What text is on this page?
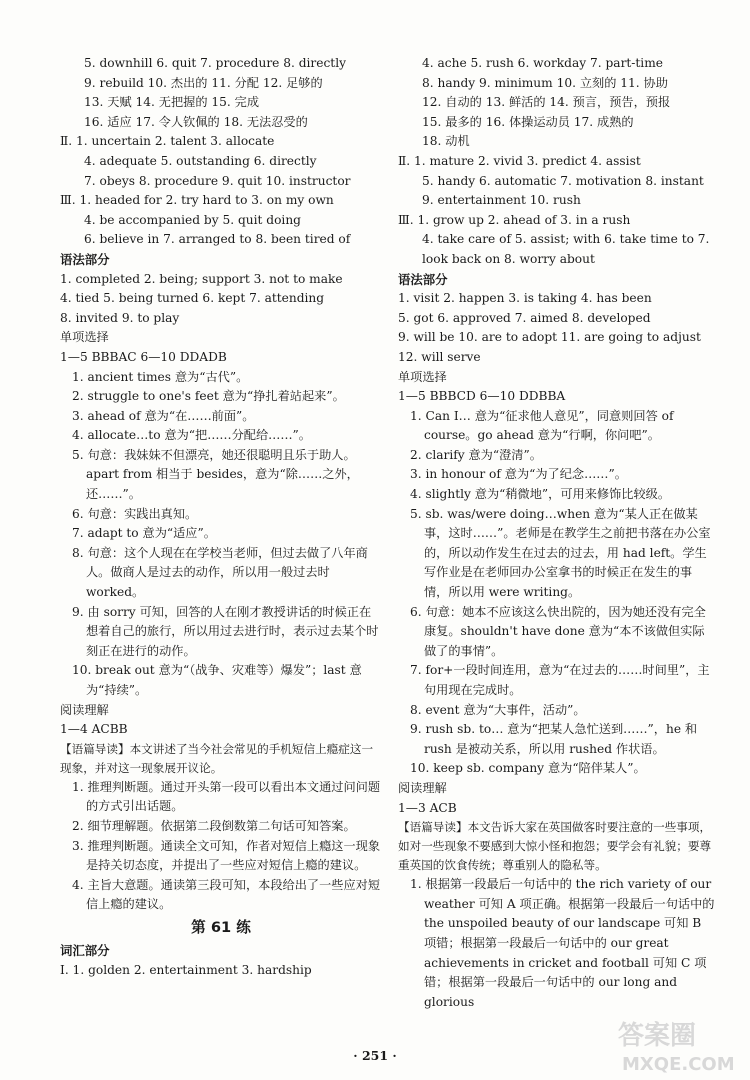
5. downhill 6. quit 7. procedure 8. directly
9. rebuild 10. 杰出的 11. 分配 12. 足够的
13. 天赋 14. 无把握的 15. 完成
16. 适应 17. 令人钦佩的 18. 无法忍受的
Ⅱ. 1. uncertain 2. talent 3. allocate
4. adequate 5. outstanding 6. directly
7. obeys 8. procedure 9. quit 10. instructor
Ⅲ. 1. headed for 2. try hard to 3. on my own
4. be accompanied by 5. quit doing
6. believe in 7. arranged to 8. been tired of
语法部分
1. completed 2. being; support 3. not to make
4. tied 5. being turned 6. kept 7. attending
8. invited 9. to play
单项选择
1—5 BBBAC 6—10 DDADB
1. ancient times 意为“古代”。
2. struggle to one's feet 意为“挣扎着站起来”。
3. ahead of 意为“在……前面”。
4. allocate…to 意为“把……分配给……”。
5. 句意：我妹妹不但漂亮，她还很聪明且乐于助人。apart from 相当于 besides，意为“除……之外，还……”。
6. 句意：实践出真知。
7. adapt to 意为“适应”。
8. 句意：这个人现在在学校当老师，但过去做了八年商人。做商人是过去的动作，所以用一般过去时 worked。
9. 由 sorry 可知，回答的人在刚才教授讲话的时候正在想着自己的旅行，所以用过去进行时，表示过去某个时刻正在进行的动作。
10. break out 意为“（战争、灾难等）爆发”；last 意为“持续”。
阅读理解
1—4 ACBB
【语篇导读】本文讲述了当今社会常见的手机短信上瘾症这一现象，并对这一现象展开议论。
1. 推理判断题。通过开头第一段可以看出本文通过问问题的方式引出话题。
2. 细节理解题。依据第二段倒数第二句话可知答案。
3. 推理判断题。通读全文可知，作者对短信上瘾这一现象是持关切态度，并提出了一些应对短信上瘾的建议。
4. 主旨大意题。通读第三段可知，本段给出了一些应对短信上瘾的建议。
第 61 练
词汇部分
Ⅰ. 1. golden 2. entertainment 3. hardship
4. ache 5. rush 6. workday 7. part-time
8. handy 9. minimum 10. 立刻的 11. 协助
12. 自动的 13. 鲜活的 14. 预言，预告，预报
15. 最多的 16. 体操运动员 17. 成熟的
18. 动机
Ⅱ. 1. mature 2. vivid 3. predict 4. assist
5. handy 6. automatic 7. motivation 8. instant
9. entertainment 10. rush
Ⅲ. 1. grow up 2. ahead of 3. in a rush
4. take care of 5. assist; with 6. take time to 7.
look back on 8. worry about
语法部分
1. visit 2. happen 3. is taking 4. has been
5. got 6. approved 7. aimed 8. developed
9. will be 10. are to adopt 11. are going to adjust
12. will serve
单项选择
1—5 BBBCD 6—10 DDBBA
1. Can I… 意为“征求他人意见”，同意则回答 of course。go ahead 意为“行啊，你问吧”。
2. clarify 意为“澄清”。
3. in honour of 意为“为了纪念……”。
4. slightly 意为“稍微地”，可用来修饰比较级。
5. sb. was/were doing…when 意为“某人正在做某事，这时……”。老师是在教学生之前把书落在办公室的，所以动作发生在过去的过去，用 had left。学生写作业是在老师回办公室拿书的时候正在发生的事情，所以用 were writing。
6. 句意：她本不应该这么快出院的，因为她还没有完全康复。shouldn't have done 意为“本不该做但实际做了的事情”。
7. for+一段时间连用，意为“在过去的……时间里”，主句用现在完成时。
8. event 意为“大事件，活动”。
9. rush sb. to… 意为“把某人急忙送到……”，he 和 rush 是被动关系，所以用 rushed 作状语。
10. keep sb. company 意为“陪伴某人”。
阅读理解
1—3 ACB
【语篇导读】本文告诉大家在英国做客时要注意的一些事项，如对一些现象不要感到大惊小怪和抱怨；要学会有礼貌；要尊重英国的饮食传统；尊重别人的隐私等。
1. 根据第一段最后一句话中的 the rich variety of our weather 可知 A 项正确。根据第一段最后一句话中的 the unspoiled beauty of our landscape 可知 B 项错；根据第一段最后一句话中的 our great achievements in cricket and football 可知 C 项错；根据第一段最后一句话中的 our long and glorious
· 251 ·
答案圈
MXQE.COM
